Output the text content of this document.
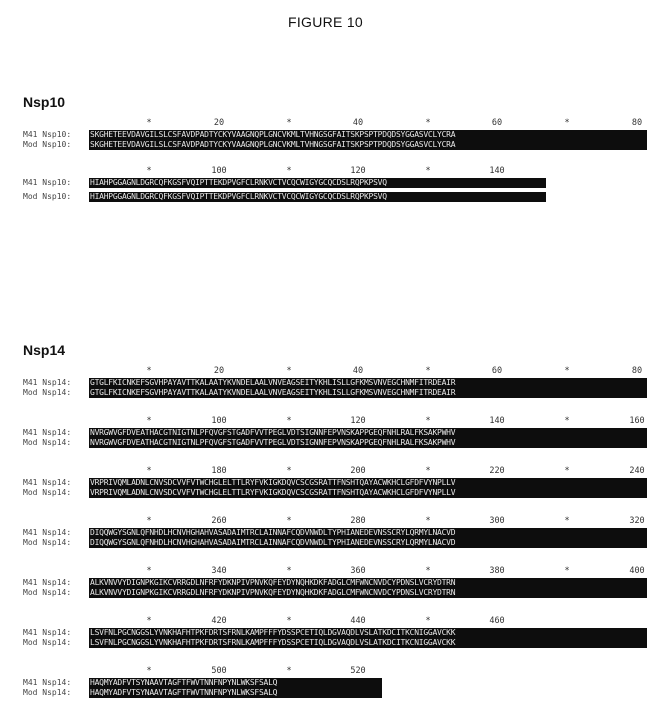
FIGURE 10
Nsp10

*

	20

	*

	40

	*

	60

	*

	80

M41 Nsp10:	SKGHETEEVDAVGILSLCSFAVDPADTYCKYVAAGNQPLGNCVKMLTVHNGSGFAITSKPSPTPDQDSYGGASVCLYCRA
Mod Nsp10:	SKGHETEEVDAVGILSLCSFAVDPADTYCKYVAAGNQPLGNCVKMLTVHNGSGFAITSKPSPTPDQDSYGGASVCLYCRA

*

	100

	*

	120

	*

	140

M41 Nsp10:	HIAHPGGAGNLDGRCQFKGSFVQIPTTEKDPVGFCLRNKVCTVCQCWIGYGCQCDSLRQPKPSVQ
Mod Nsp10:	HIAHPGGAGNLDGRCQFKGSFVQIPTTEKDPVGFCLRNKVCTVCQCWIGYGCQCDSLRQPKPSVQ
Nsp14

*

	20

	*

	40

	*

	60

	*

	80

M41 Nsp14:	GTGLFKICNKEFSGVHPAYAVTTKALAATYKVNDELAALVNVEAGSEITYKHLISLLGFKMSVNVEGCHNMFITRDEAIR
Mod Nsp14:	GTGLFKICNKEFSGVHPAYAVTTKALAATYKVNDELAALVNVEAGSEITYKHLISLLGFKMSVNVEGCHNMFITRDEAIR

*

	100

	*

	120

	*

	140

	*

	160

M41 Nsp14:	NVRGWVGFDVEATHACGTNIGTNLPFQVGFSTGADFVVTPEGLVDTSIGNNFEPVNSKAPPGEQFNHLRALFKSAKPWHV
Mod Nsp14:	NVRGWVGFDVEATHACGTNIGTNLPFQVGFSTGADFVVTPEGLVDTSIGNNFEPVNSKAPPGEQFNHLRALFKSAKPWHV

*

	180

	*

	200

	*

	220

	*

	240

M41 Nsp14:	VRPRIVQMLADNLCNVSDCVVFVTWCHGLELTTLRYFVKIGKDQVCSCGSRATTFNSHTQAYACWKHCLGFDFVYNPLLV
Mod Nsp14:	VRPRIVQMLADNLCNVSDCVVFVTWCHGLELTTLRYFVKIGKDQVCSCGSRATTFNSHTQAYACWKHCLGFDFVYNPLLV

*

	260

	*

	280

	*

	300

	*

	320

M41 Nsp14:	DIQQWGYSGNLQFNHDLHCNVHGHAHVASADAIMTRCLAINNAFCQDVNWDLTYPHIANEDEVNSSCRYLQRMYLNACVD
Mod Nsp14:	DIQQWGYSGNLQFNHDLHCNVHGHAHVASADAIMTRCLAINNAFCQDVNWDLTYPHIANEDEVNSSCRYLQRMYLNACVD

*

	340

	*

	360

	*

	380

	*

	400

M41 Nsp14:	ALKVNVVYDIGNPKGIKCVRRGDLNFRFYDKNPIVPNVKQFEYDYNQHKDKFADGLCMFWNCNVDCYPDNSLVCRYDTRN
Mod Nsp14:	ALKVNVVYDIGNPKGIKCVRRGDLNFRFYDKNPIVPNVKQFEYDYNQHKDKFADGLCMFWNCNVDCYPDNSLVCRYDTRN

*

	420

	*

	440

	*

	460

M41 Nsp14:	LSVFNLPGCNGGSLYVNKHAFHTPKFDRTSFRNLKAMPFFFYDSSPCETIQLDGVAQDLVSLATKDCITKCNIGGAVCKK
Mod Nsp14:	LSVFNLPGCNGGSLYVNKHAFHTPKFDRTSFRNLKAMPFFFYDSSPCETIQLDGVAQDLVSLATKDCITKCNIGGAVCKK

*

	500

	*

	520

M41 Nsp14:	HAQMYADFVTSYNAAVTAGFTFWVTNNFNPYNLWKSFSALQ
Mod Nsp14:	HAQMYADFVTSYNAAVTAGFTFWVTNNFNPYNLWKSFSALQ
